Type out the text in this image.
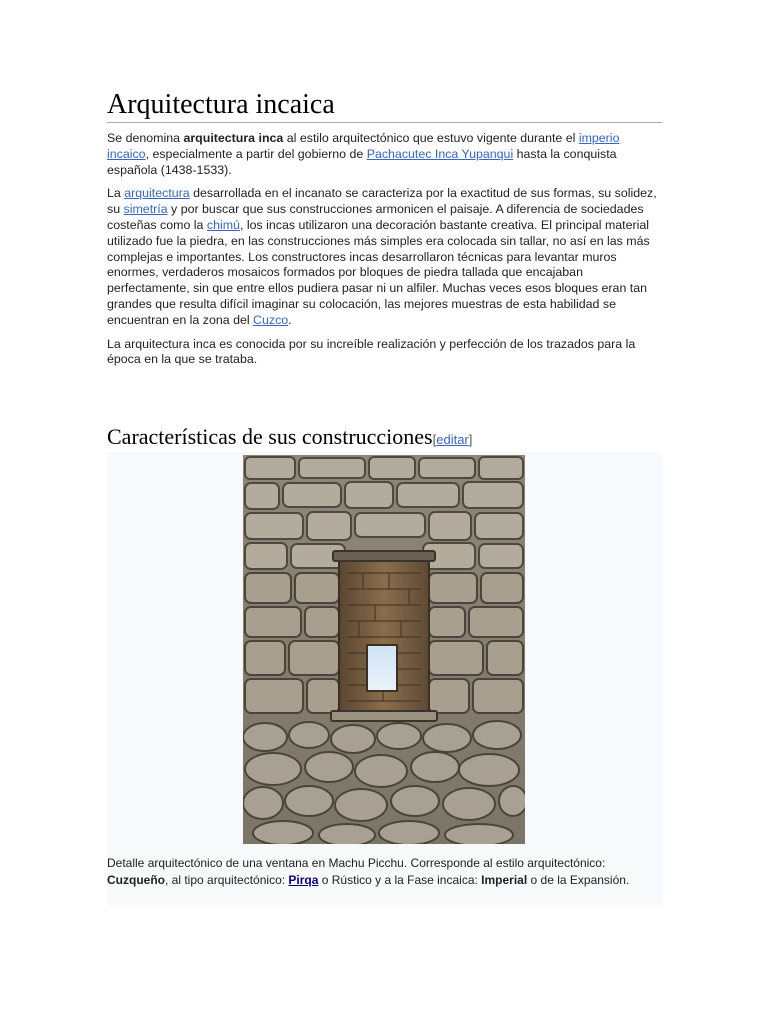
Arquitectura incaica

Se denomina arquitectura inca al estilo arquitectónico que estuvo vigente durante el imperio incaico, especialmente a partir del gobierno de Pachacutec Inca Yupanqui hasta la conquista española (1438-1533).

La arquitectura desarrollada en el incanato se caracteriza por la exactitud de sus formas, su solidez, su simetría y por buscar que sus construcciones armonicen el paisaje. A diferencia de sociedades costeñas como la chimú, los incas utilizaron una decoración bastante creativa. El principal material utilizado fue la piedra, en las construcciones más simples era colocada sin tallar, no así en las más complejas e importantes. Los constructores incas desarrollaron técnicas para levantar muros enormes, verdaderos mosaicos formados por bloques de piedra tallada que encajaban perfectamente, sin que entre ellos pudiera pasar ni un alfiler. Muchas veces esos bloques eran tan grandes que resulta difícil imaginar su colocación, las mejores muestras de esta habilidad se encuentran en la zona del Cuzco.

La arquitectura inca es conocida por su increíble realización y perfección de los trazados para la época en la que se trataba.

Características de sus construcciones[editar]
Detalle arquitectónico de una ventana en Machu Picchu. Corresponde al estilo arquitectónico: Cuzqueño, al tipo arquitectónico: Pirqa o Rústico y a la Fase incaica: Imperial o de la Expansión.
